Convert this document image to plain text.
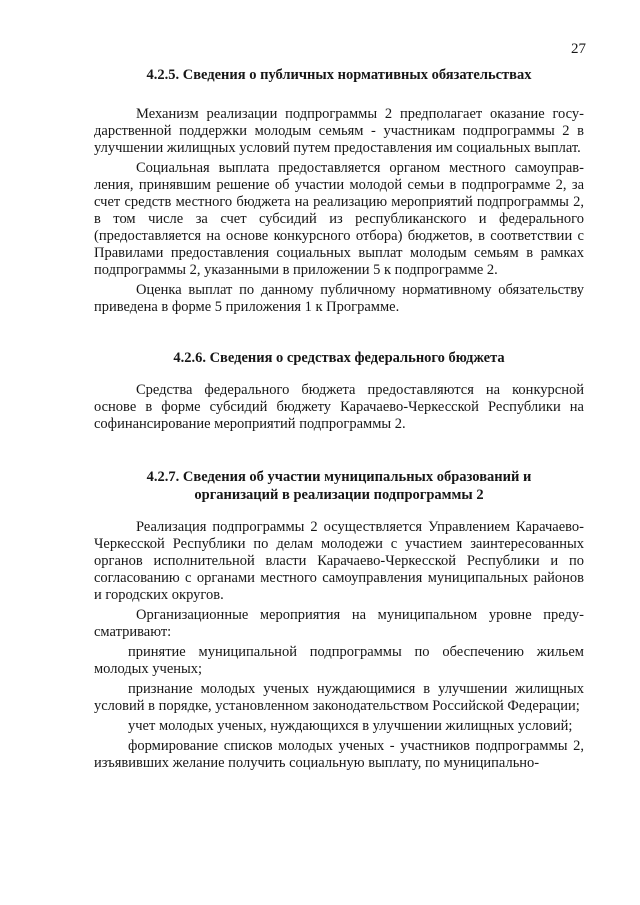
27
4.2.5. Сведения о публичных нормативных обязательствах

Механизм реализации подпрограммы 2 предполагает оказание государственной поддержки молодым семьям - участникам подпрограммы 2 в улучшении жилищных условий путем предоставления им социальных выплат.

Социальная выплата предоставляется органом местного самоуправления, принявшим решение об участии молодой семьи в подпрограмме 2, за счет средств местного бюджета на реализацию мероприятий подпрограммы 2, в том числе за счет субсидий из республиканского и федерального (предоставляется на основе конкурсного отбора) бюджетов, в соответствии с Правилами предоставления социальных выплат молодым семьям в рамках подпрограммы 2, указанными в приложении 5 к подпрограмме 2.

Оценка выплат по данному публичному нормативному обязательству приведена в форме 5 приложения 1 к Программе.

4.2.6. Сведения о средствах федерального бюджета

Средства федерального бюджета предоставляются на конкурсной основе в форме субсидий бюджету Карачаево-Черкесской Республики на софинансирование мероприятий подпрограммы 2.

4.2.7. Сведения об участии муниципальных образований и
организаций в реализации подпрограммы 2

Реализация подпрограммы 2 осуществляется Управлением Карачаево-Черкесской Республики по делам молодежи с участием заинтересованных органов исполнительной власти Карачаево-Черкесской Республики и по согласованию с органами местного самоуправления муниципальных районов и городских округов.

Организационные мероприятия на муниципальном уровне предусматривают:

принятие муниципальной подпрограммы по обеспечению жильем молодых ученых;

признание молодых ученых нуждающимися в улучшении жилищных условий в порядке, установленном законодательством Российской Федерации;

учет молодых ученых, нуждающихся в улучшении жилищных условий;

формирование списков молодых ученых - участников подпрограммы 2, изъявивших желание получить социальную выплату, по муниципально-
